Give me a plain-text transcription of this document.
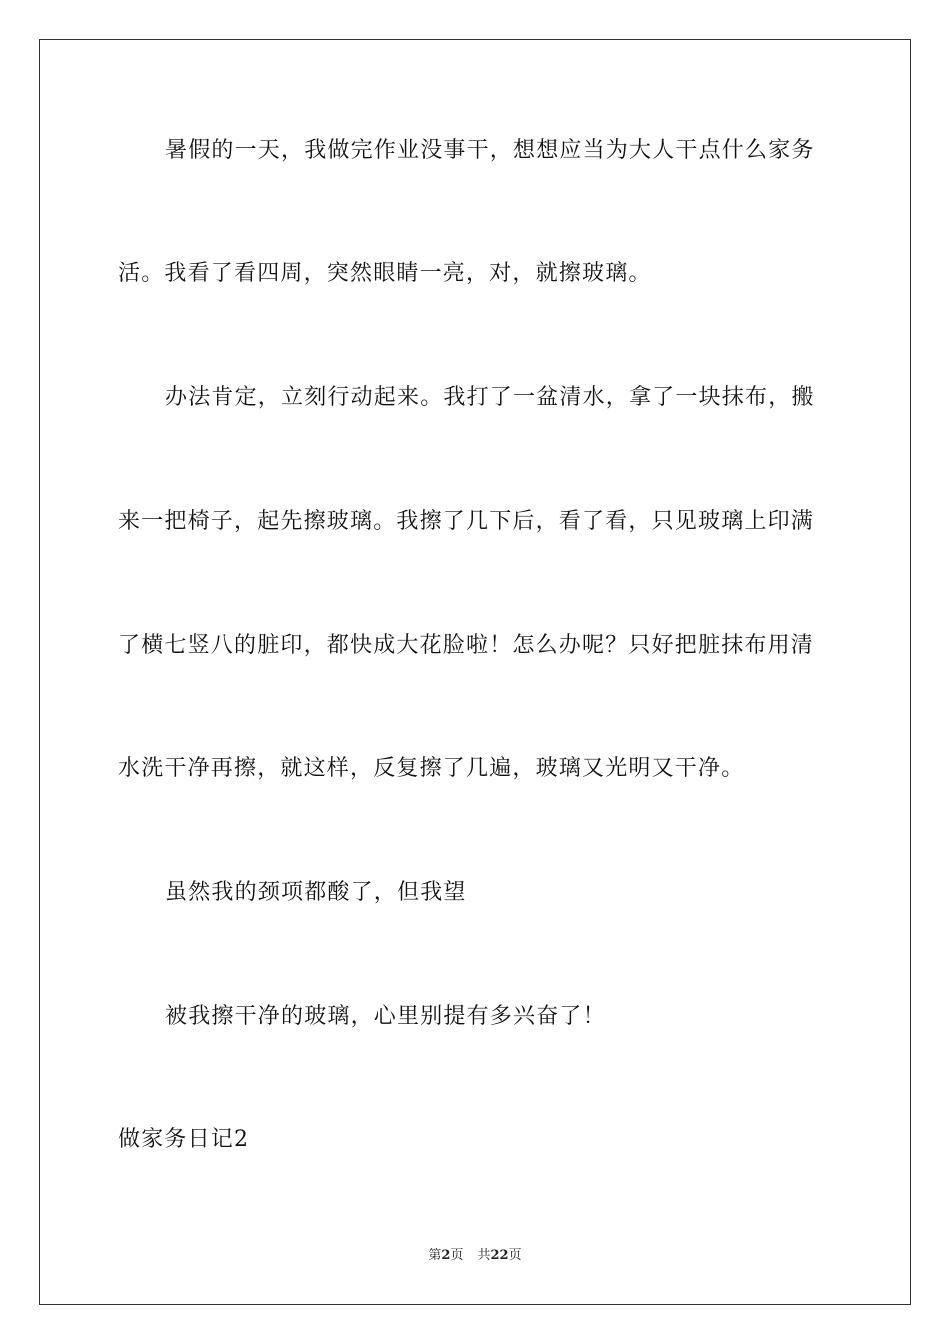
暑假的一天，我做完作业没事干，想想应当为大人干点什么家务
活。我看了看四周，突然眼睛一亮，对，就擦玻璃。
办法肯定，立刻行动起来。我打了一盆清水，拿了一块抹布，搬
来一把椅子，起先擦玻璃。我擦了几下后，看了看，只见玻璃上印满
了横七竖八的脏印，都快成大花脸啦！怎么办呢？只好把脏抹布用清
水洗干净再擦，就这样，反复擦了几遍，玻璃又光明又干净。
虽然我的颈项都酸了，但我望
被我擦干净的玻璃，心里别提有多兴奋了！
做家务日记2
第2页 共22页
